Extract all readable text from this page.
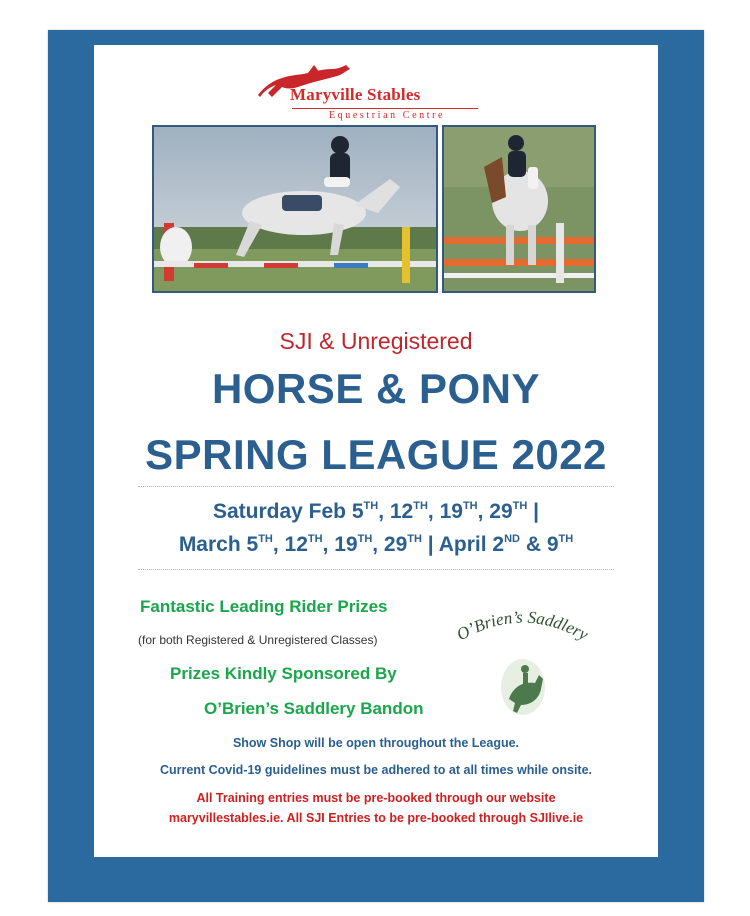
Maryville Stables
Equestrian Centre
SJI & Unregistered
HORSE & PONY
SPRING LEAGUE 2022
Saturday Feb 5TH, 12TH, 19TH, 29TH |
March 5TH, 12TH, 19TH, 29TH | April 2ND & 9TH
Fantastic Leading Rider Prizes
(for both Registered & Unregistered Classes)
Prizes Kindly Sponsored By
O’Brien’s Saddlery Bandon
O’Brien’s Saddlery
Show Shop will be open throughout the League.
Current Covid-19 guidelines must be adhered to at all times while onsite.
All Training entries must be pre-booked through our website
maryvillestables.ie. All SJI Entries to be pre-booked through SJIlive.ie
